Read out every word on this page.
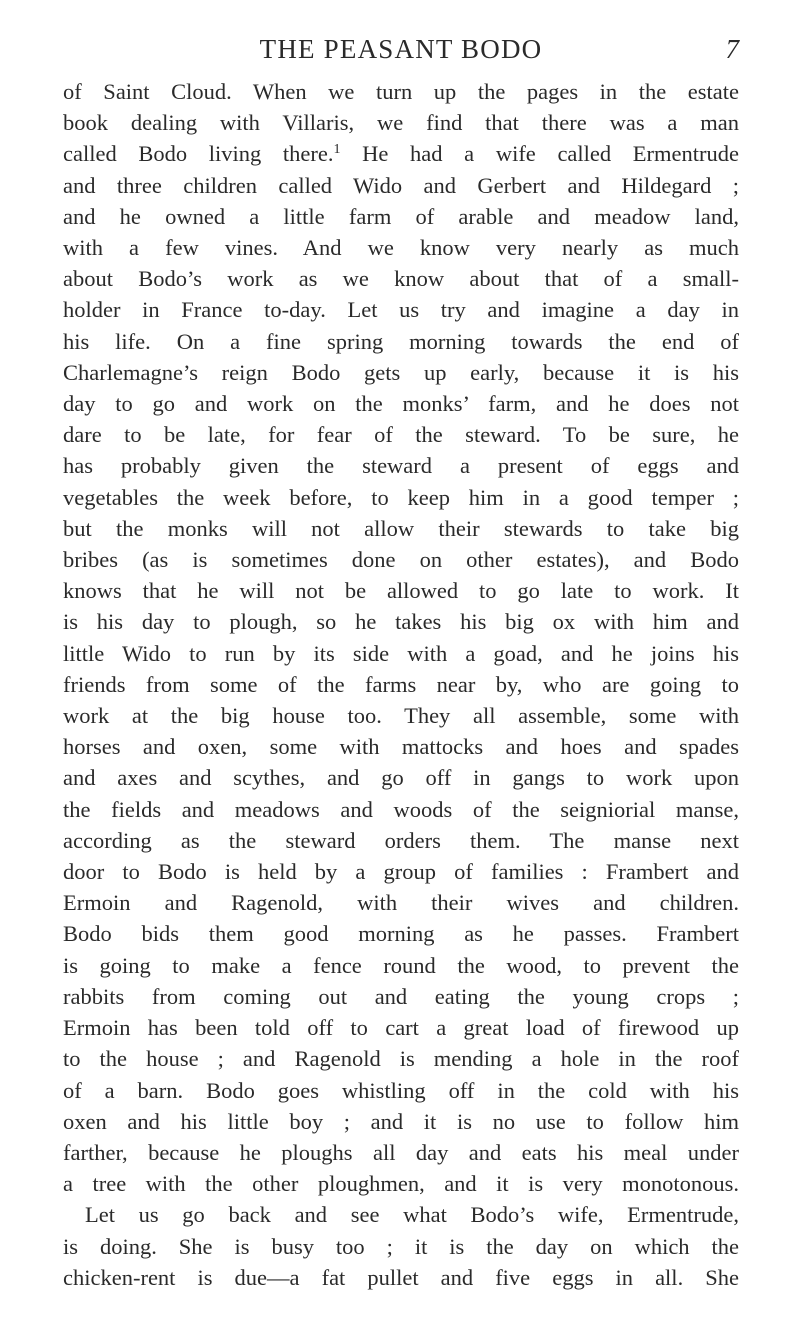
THE PEASANT BODO	7
of Saint Cloud. When we turn up the pages in the estate
book dealing with Villaris, we find that there was a man
called Bodo living there.$^1$ He had a wife called Ermentrude
and three children called Wido and Gerbert and Hildegard ;
and he owned a little farm of arable and meadow land,
with a few vines. And we know very nearly as much
about Bodo’s work as we know about that of a small-
holder in France to-day. Let us try and imagine a day in
his life. On a fine spring morning towards the end of
Charlemagne’s reign Bodo gets up early, because it is his
day to go and work on the monks’ farm, and he does not
dare to be late, for fear of the steward. To be sure, he
has probably given the steward a present of eggs and
vegetables the week before, to keep him in a good temper ;
but the monks will not allow their stewards to take big
bribes (as is sometimes done on other estates), and Bodo
knows that he will not be allowed to go late to work. It
is his day to plough, so he takes his big ox with him and
little Wido to run by its side with a goad, and he joins his
friends from some of the farms near by, who are going to
work at the big house too. They all assemble, some with
horses and oxen, some with mattocks and hoes and spades
and axes and scythes, and go off in gangs to work upon
the fields and meadows and woods of the seigniorial manse,
according as the steward orders them. The manse next
door to Bodo is held by a group of families : Frambert and
Ermoin and Ragenold, with their wives and children.
Bodo bids them good morning as he passes. Frambert
is going to make a fence round the wood, to prevent the
rabbits from coming out and eating the young crops ;
Ermoin has been told off to cart a great load of firewood up
to the house ; and Ragenold is mending a hole in the roof
of a barn. Bodo goes whistling off in the cold with his
oxen and his little boy ; and it is no use to follow him
farther, because he ploughs all day and eats his meal under
a tree with the other ploughmen, and it is very monotonous.
Let us go back and see what Bodo’s wife, Ermentrude,
is doing. She is busy too ; it is the day on which the
chicken-rent is due—a fat pullet and five eggs in all. She
